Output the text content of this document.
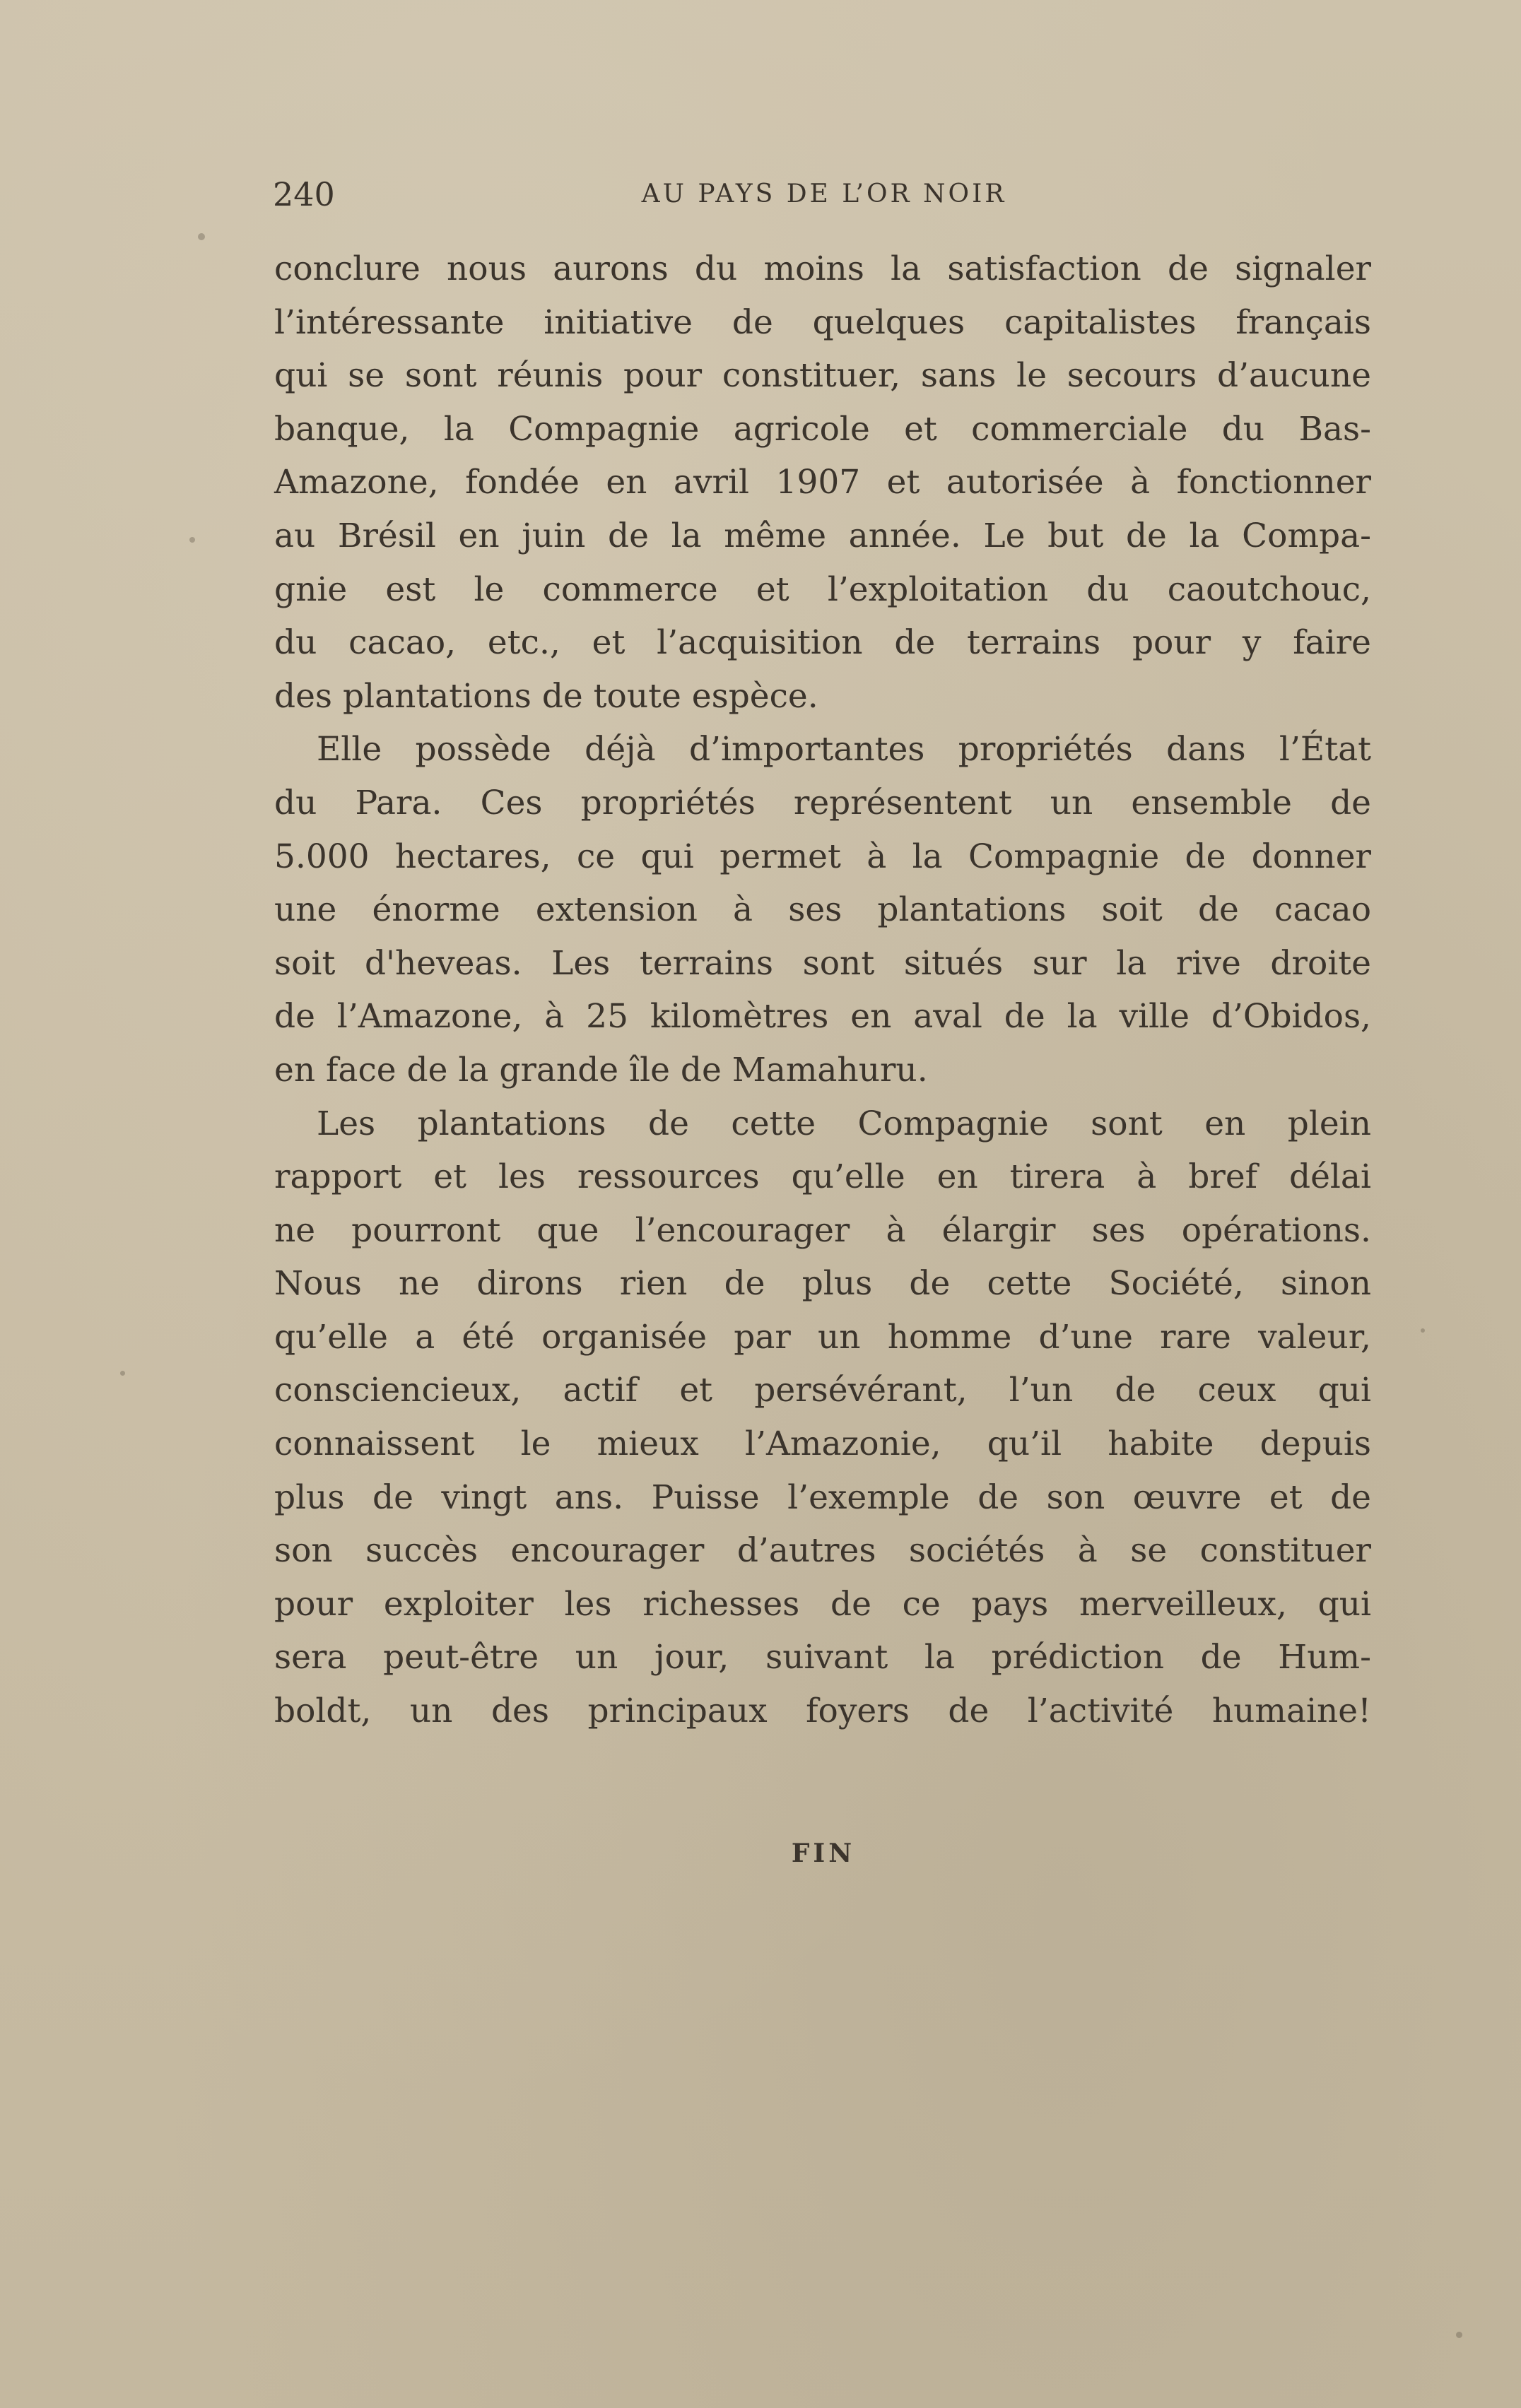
240	AU PAYS DE L’OR NOIR

conclure nous aurons du moins la satisfaction de signaler

l’intéressante initiative de quelques capitalistes français

qui se sont réunis pour constituer, sans le secours d’aucune

banque, la Compagnie agricole et commerciale du Bas-

Amazone, fondée en avril 1907 et autorisée à fonctionner

au Brésil en juin de la même année. Le but de la Compa-

gnie est le commerce et l’exploitation du caoutchouc,

du cacao, etc., et l’acquisition de terrains pour y faire

des plantations de toute espèce.

Elle possède déjà d’importantes propriétés dans l’État

du Para. Ces propriétés représentent un ensemble de

5.000 hectares, ce qui permet à la Compagnie de donner

une énorme extension à ses plantations soit de cacao

soit d'heveas. Les terrains sont situés sur la rive droite

de l’Amazone, à 25 kilomètres en aval de la ville d’Obidos,

en face de la grande île de Mamahuru.

Les plantations de cette Compagnie sont en plein

rapport et les ressources qu’elle en tirera à bref délai

ne pourront que l’encourager à élargir ses opérations.

Nous ne dirons rien de plus de cette Société, sinon

qu’elle a été organisée par un homme d’une rare valeur,

consciencieux, actif et persévérant, l’un de ceux qui

connaissent le mieux l’Amazonie, qu’il habite depuis

plus de vingt ans. Puisse l’exemple de son œuvre et de

son succès encourager d’autres sociétés à se constituer

pour exploiter les richesses de ce pays merveilleux, qui

sera peut-être un jour, suivant la prédiction de Hum-

boldt, un des principaux foyers de l’activité humaine!

FIN
